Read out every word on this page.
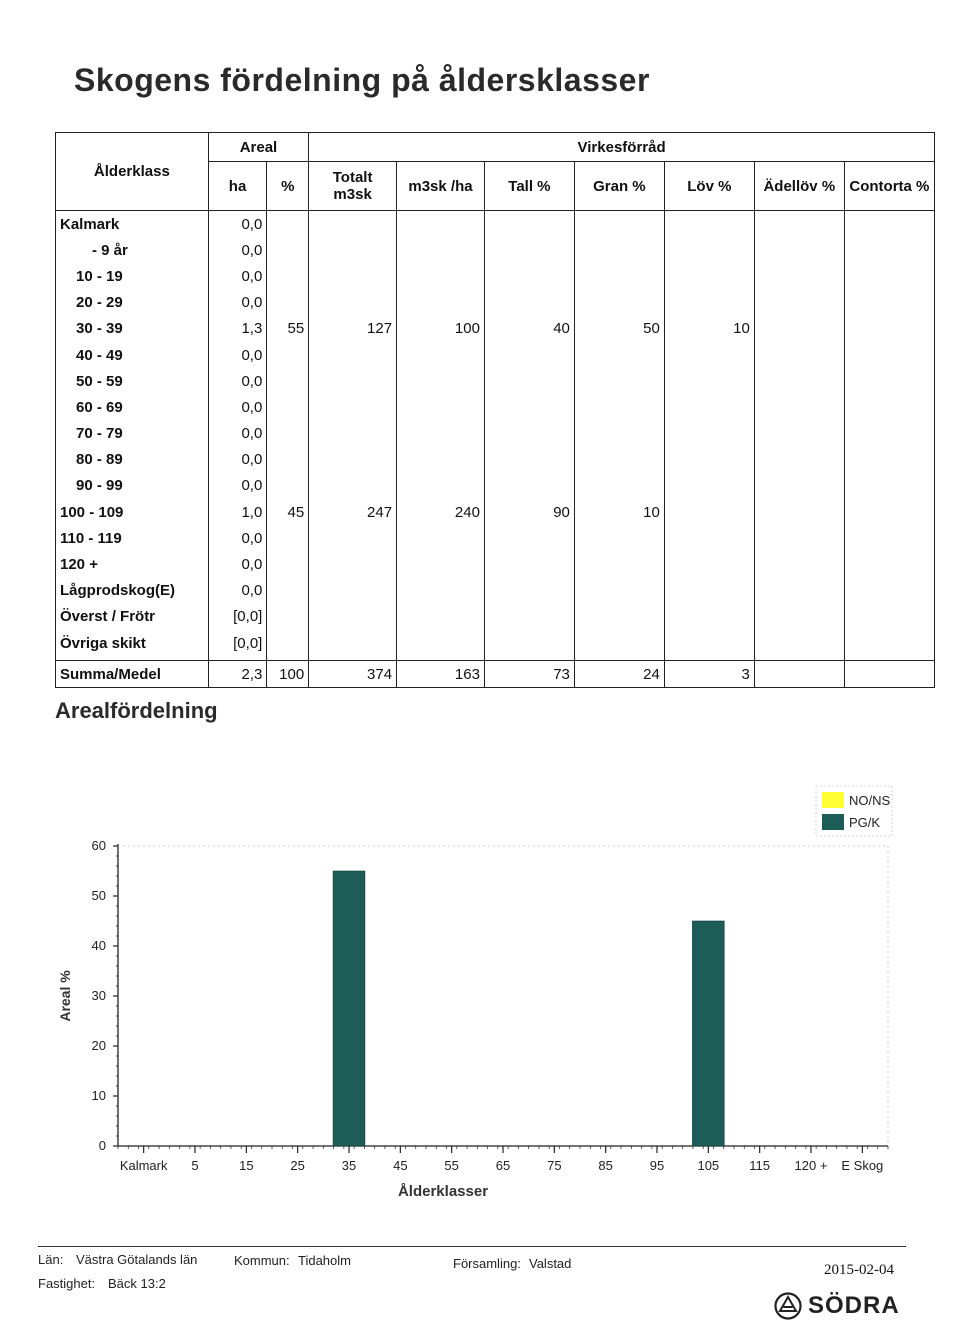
Skogens fördelning på åldersklasser
Ålderklass	Areal		Virkesförråd						
	ha	%	Totalt m3sk	m3sk /ha	Tall %	Gran %	Löv %	Ädellöv %	Contorta %
Kalmark	0,0								
- 9 år	0,0								
10 - 19	0,0								
20 - 29	0,0								
30 - 39	1,3	55	127	100	40	50	10		
40 - 49	0,0								
50 - 59	0,0								
60 - 69	0,0								
70 - 79	0,0								
80 - 89	0,0								
90 - 99	0,0								
100 - 109	1,0	45	247	240	90	10			
110 - 119	0,0								
120 +	0,0								
Lågprodskog(E)	0,0								
Överst / Frötr	[0,0]								
Övriga skikt	[0,0]								
Summa/Medel	2,3	100	374	163	73	24	3		
Arealfördelning
0
10
20
30
40
50
60
Kalmark 5	15	25	35	45	55	65	75	85	95	105 115 120 + E Skog
Ålderklasser
Areal %
NO/NS
PG/K
Län: Västra Götalands län	Kommun: Tidaholm	Församling: Valstad
Fastighet: Bäck 13:2
2015-02-04
SÖDRA
